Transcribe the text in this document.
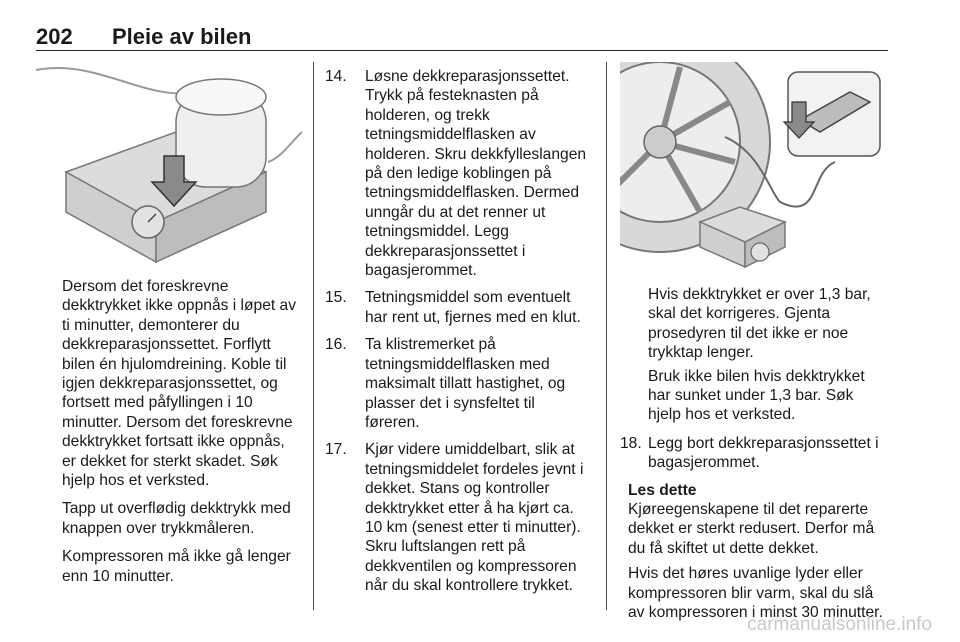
202 Pleie av bilen

Dersom det foreskrevne dekktrykket ikke oppnås i løpet av ti minutter, demonterer du dekkreparasjonssettet. Forflytt bilen én hjulomdreining. Koble til igjen dekkreparasjonssettet, og fortsett med påfyllingen i 10 minutter. Dersom det foreskrevne dekktrykket fortsatt ikke oppnås, er dekket for sterkt skadet. Søk hjelp hos et verksted.

Tapp ut overflødig dekktrykk med knappen over trykkmåleren.

Kompressoren må ikke gå lenger enn 10 minutter.

14. Løsne dekkreparasjonssettet. Trykk på festeknasten på holderen, og trekk tetningsmiddelflasken av holderen. Skru dekkfylleslangen på den ledige koblingen på tetningsmiddelflasken. Dermed unngår du at det renner ut tetningsmiddel. Legg dekkreparasjonssettet i bagasjerommet.
15. Tetningsmiddel som eventuelt har rent ut, fjernes med en klut.
16. Ta klistremerket på tetningsmiddelflasken med maksimalt tillatt hastighet, og plasser det i synsfeltet til føreren.
17. Kjør videre umiddelbart, slik at tetningsmiddelet fordeles jevnt i dekket. Stans og kontroller dekktrykket etter å ha kjørt ca. 10 km (senest etter ti minutter). Skru luftslangen rett på dekkventilen og kompressoren når du skal kontrollere trykket.

Hvis dekktrykket er over 1,3 bar, skal det korrigeres. Gjenta prosedyren til det ikke er noe trykktap lenger.

Bruk ikke bilen hvis dekktrykket har sunket under 1,3 bar. Søk hjelp hos et verksted.

18. Legg bort dekkreparasjonssettet i bagasjerommet.
Les dette

Kjøreegenskapene til det reparerte dekket er sterkt redusert. Derfor må du få skiftet ut dette dekket.

Hvis det høres uvanlige lyder eller kompressoren blir varm, skal du slå av kompressoren i minst 30 minutter.

carmanualsonline.info
